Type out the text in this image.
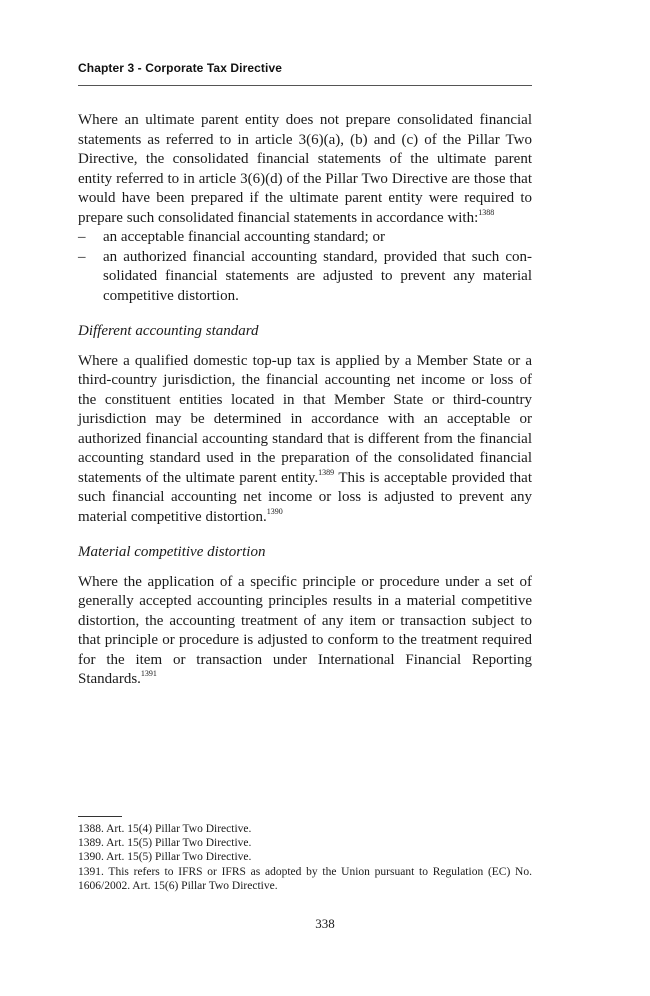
Chapter 3 - Corporate Tax Directive

Where an ultimate parent entity does not prepare consolidated financial statements as referred to in article 3(6)(a), (b) and (c) of the Pillar Two Directive, the consolidated financial statements of the ultimate parent entity referred to in article 3(6)(d) of the Pillar Two Directive are those that would have been prepared if the ultimate parent entity were required to prepare such consolidated financial statements in accordance with:$^{1388}$

– an acceptable financial accounting standard; or
– an authorized financial accounting standard, provided that such consolidated financial statements are adjusted to prevent any material competitive distortion.

Different accounting standard

Where a qualified domestic top-up tax is applied by a Member State or a third-country jurisdiction, the financial accounting net income or loss of the constituent entities located in that Member State or third-country jurisdiction may be determined in accordance with an acceptable or authorized financial accounting standard that is different from the financial accounting standard used in the preparation of the consolidated financial statements of the ultimate parent entity.$^{1389}$ This is acceptable provided that such financial accounting net income or loss is adjusted to prevent any material competitive distortion.$^{1390}$

Material competitive distortion

Where the application of a specific principle or procedure under a set of generally accepted accounting principles results in a material competitive distortion, the accounting treatment of any item or transaction subject to that principle or procedure is adjusted to conform to the treatment required for the item or transaction under International Financial Reporting Standards.$^{1391}$

1388. Art. 15(4) Pillar Two Directive.

1389. Art. 15(5) Pillar Two Directive.

1390. Art. 15(5) Pillar Two Directive.

1391. This refers to IFRS or IFRS as adopted by the Union pursuant to Regulation (EC) No. 1606/2002. Art. 15(6) Pillar Two Directive.

338
